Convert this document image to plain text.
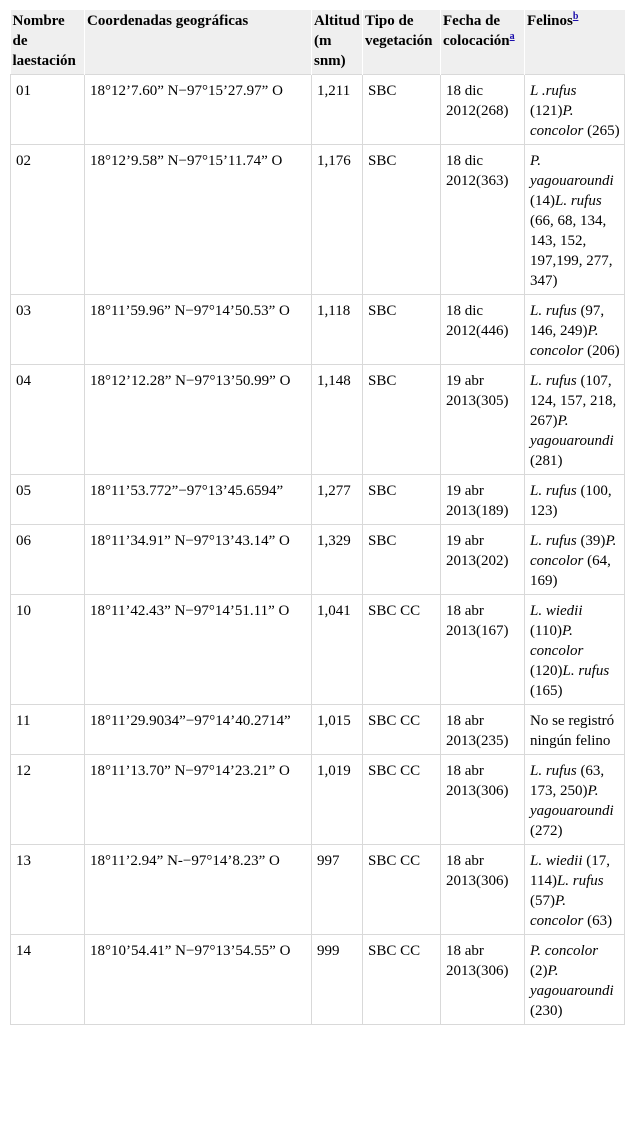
Nombre de laestación	Coordenadas geográficas	Altitud (m snm)	Tipo de vegetación	Fecha de colocación$^a$	Felinos$^b$
01	18°12’7.60” N−97°15’27.97” O	1,211	SBC	18 dic 2012(268)	L .rufus (121)P. concolor (265)
02	18°12’9.58” N−97°15’11.74” O	1,176	SBC	18 dic 2012(363)	P. yagouaroundi (14)L. rufus (66, 68, 134, 143, 152, 197,199, 277, 347)
03	18°11’59.96” N−97°14’50.53” O	1,118	SBC	18 dic 2012(446)	L. rufus (97, 146, 249)P. concolor (206)
04	18°12’12.28” N−97°13’50.99” O	1,148	SBC	19 abr 2013(305)	L. rufus (107, 124, 157, 218, 267)P. yagouaroundi (281)
05	18°11’53.772”−97°13’45.6594”	1,277	SBC	19 abr 2013(189)	L. rufus (100, 123)
06	18°11’34.91” N−97°13’43.14” O	1,329	SBC	19 abr 2013(202)	L. rufus (39)P. concolor (64, 169)
10	18°11’42.43” N−97°14’51.11” O	1,041	SBC CC	18 abr 2013(167)	L. wiedii (110)P. concolor (120)L. rufus (165)
11	18°11’29.9034”−97°14’40.2714”	1,015	SBC CC	18 abr 2013(235)	No se registró ningún felino
12	18°11’13.70” N−97°14’23.21” O	1,019	SBC CC	18 abr 2013(306)	L. rufus (63, 173, 250)P. yagouaroundi (272)
13	18°11’2.94” N-−97°14’8.23” O	997	SBC CC	18 abr 2013(306)	L. wiedii (17, 114)L. rufus (57)P. concolor (63)
14	18°10’54.41” N−97°13’54.55” O	999	SBC CC	18 abr 2013(306)	P. concolor (2)P. yagouaroundi (230)
